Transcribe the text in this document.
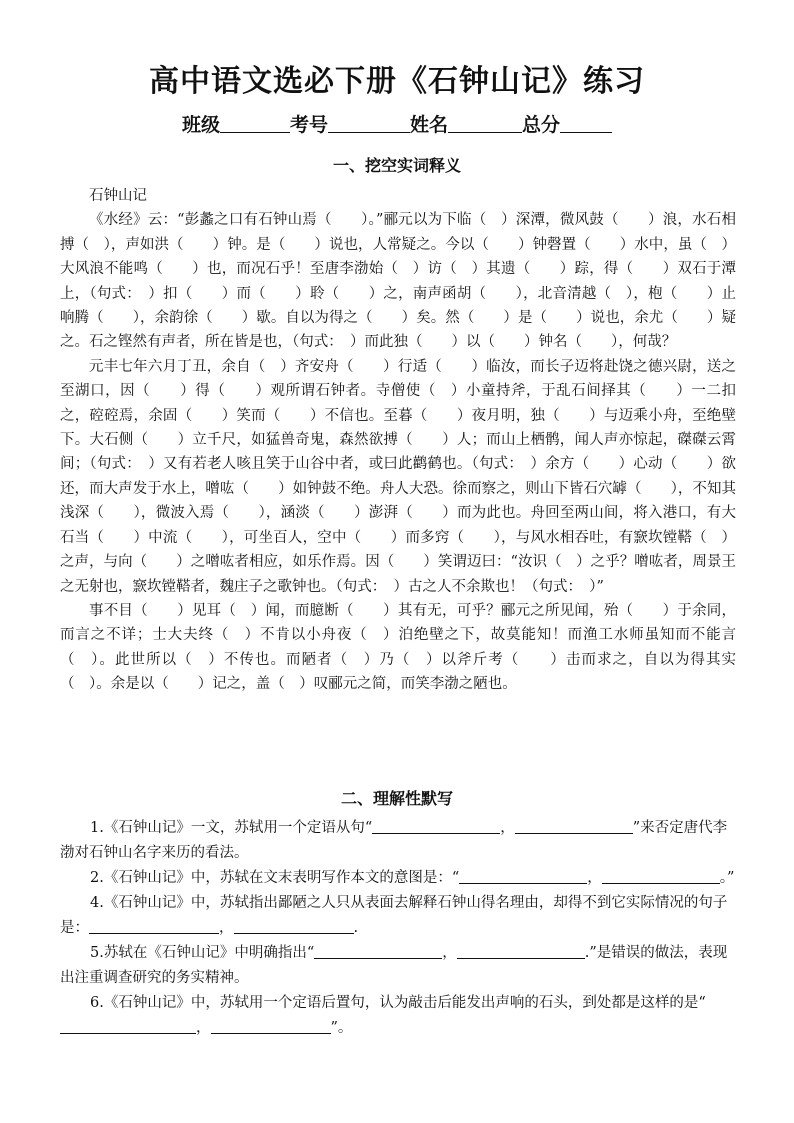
高中语文选必下册《石钟山记》练习
班级	考号	姓名	总分
一、挖空实词释义

石钟山记

《水经》云：“彭蠡之口有石钟山焉（　　）。”郦元以为下临（　）深潭，微风鼓（　　）浪，水石相搏（　），声如洪（　　）钟。是（　　）说也，人常疑之。今以（　　）钟磬置（　　）水中，虽（　）大风浪不能鸣（　　）也，而况石乎！至唐李渤始（　）访（　）其遗（　　）踪，得（　　）双石于潭上，（句式：　）扣（　　）而（　　）聆（　　）之，南声函胡（　　），北音清越（　），枹（　　）止响腾（　　），余韵徐（　　）歇。自以为得之（　　）矣。然（　　）是（　　）说也，余尤（　　）疑之。石之铿然有声者，所在皆是也，（句式：　）而此独（　　）以（　　）钟名（　　），何哉？

元丰七年六月丁丑，余自（　）齐安舟（　　）行适（　　）临汝，而长子迈将赴饶之德兴尉，送之至湖口，因（　　）得（　　）观所谓石钟者。寺僧使（　）小童持斧，于乱石间择其（　　）一二扣之，硿硿焉，余固（　　）笑而（　　）不信也。至暮（　　）夜月明，独（　　）与迈乘小舟，至绝壁下。大石侧（　　）立千尺，如猛兽奇鬼，森然欲搏（　　）人；而山上栖鹘，闻人声亦惊起，磔磔云霄间；（句式：　）又有若老人咳且笑于山谷中者，或曰此鹳鹤也。（句式：　）余方（　　）心动（　　）欲还，而大声发于水上，噌吰（　　）如钟鼓不绝。舟人大恐。徐而察之，则山下皆石穴罅（　　），不知其浅深（　　），微波入焉（　　），涵淡（　　）澎湃（　　）而为此也。舟回至两山间，将入港口，有大石当（　　）中流（　　），可坐百人，空中（　　）而多窍（　　），与风水相吞吐，有窾坎镗鞳（　）之声，与向（　　）之噌吰者相应，如乐作焉。因（　　）笑谓迈曰：“汝识（　）之乎？噌吰者，周景王之无射也，窾坎镗鞳者，魏庄子之歌钟也。（句式：　）古之人不余欺也！（句式：　）”

事不目（　　）见耳（　）闻，而臆断（　　）其有无，可乎？郦元之所见闻，殆（　　）于余同，而言之不详；士大夫终（　）不肯以小舟夜（　）泊绝壁之下，故莫能知！而渔工水师虽知而不能言（　）。此世所以（　）不传也。而陋者（　）乃（　）以斧斤考（　　）击而求之，自以为得其实（　）。余是以（　　）记之，盖（　）叹郦元之简，而笑李渤之陋也。

二、理解性默写

1.《石钟山记》一文，苏轼用一个定语从句“	，	”来否定唐代李渤对石钟山名字来历的看法。

2.《石钟山记》中，苏轼在文末表明写作本文的意图是：“	，	。”

4.《石钟山记》中，苏轼指出鄙陋之人只从表面去解释石钟山得名理由，却得不到它实际情况的句子是：	，	.

5.苏轼在《石钟山记》中明确指出“	，	.”是错误的做法，表现出注重调查研究的务实精神。

6.《石钟山记》中，苏轼用一个定语后置句，认为敲击后能发出声响的石头，到处都是这样的是“，	”。
